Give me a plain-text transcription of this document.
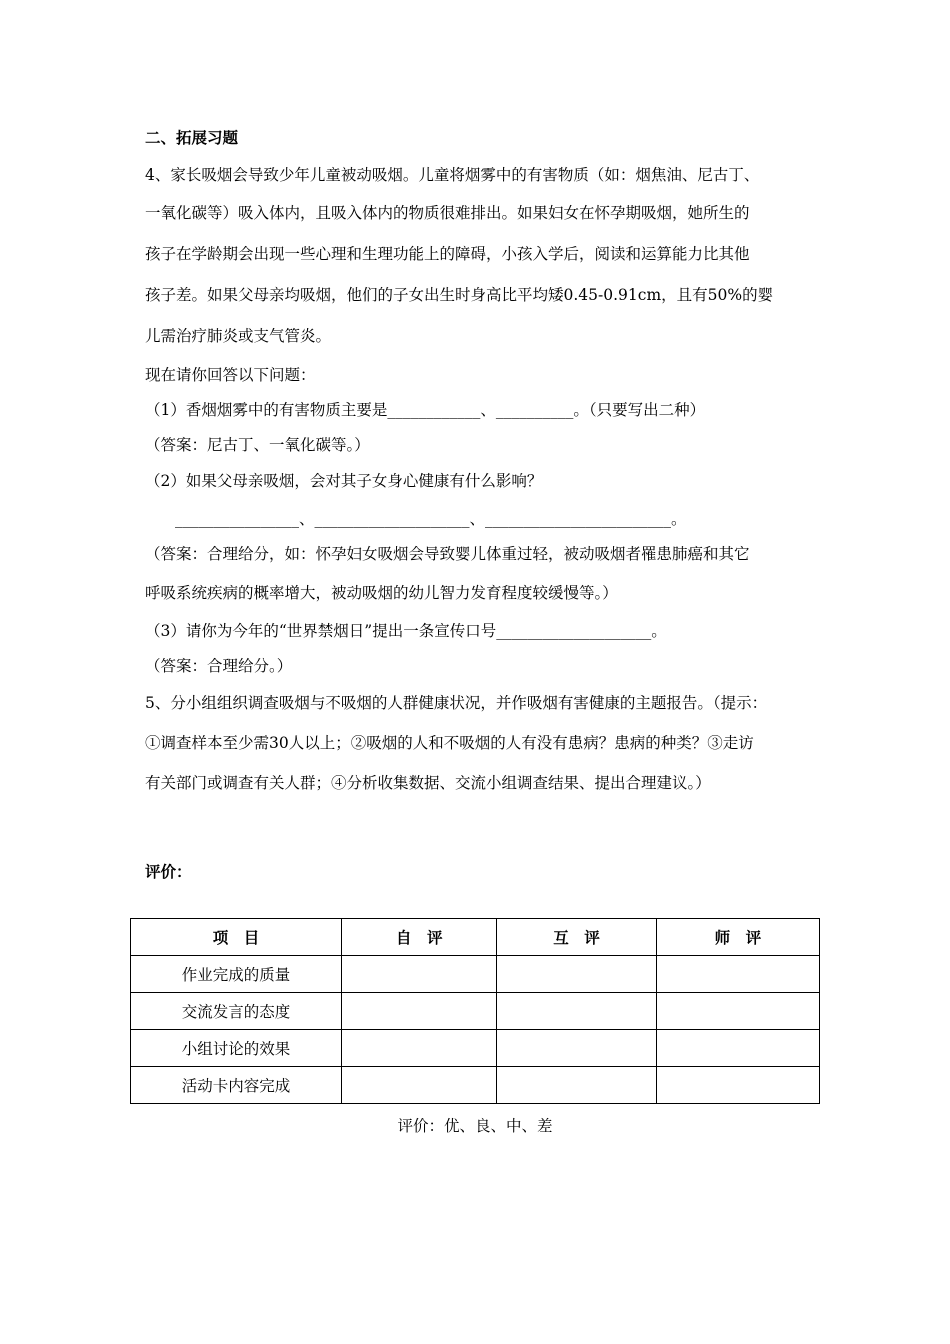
二、拓展习题
4、家长吸烟会导致少年儿童被动吸烟。儿童将烟雾中的有害物质（如：烟焦油、尼古丁、
一氧化碳等）吸入体内，且吸入体内的物质很难排出。如果妇女在怀孕期吸烟，她所生的
孩子在学龄期会出现一些心理和生理功能上的障碍，小孩入学后，阅读和运算能力比其他
孩子差。如果父母亲均吸烟，他们的子女出生时身高比平均矮0.45-0.91cm，且有50%的婴
儿需治疗肺炎或支气管炎。
现在请你回答以下问题：
（1）香烟烟雾中的有害物质主要是____________、__________。（只要写出二种）
（答案：尼古丁、一氧化碳等。）
（2）如果父母亲吸烟，会对其子女身心健康有什么影响？
________________、____________________、________________________。
（答案：合理给分，如：怀孕妇女吸烟会导致婴儿体重过轻，被动吸烟者罹患肺癌和其它
呼吸系统疾病的概率增大，被动吸烟的幼儿智力发育程度较缓慢等。）
（3）请你为今年的“世界禁烟日”提出一条宣传口号____________________。
（答案：合理给分。）
5、分小组组织调查吸烟与不吸烟的人群健康状况，并作吸烟有害健康的主题报告。（提示：
①调查样本至少需30人以上；②吸烟的人和不吸烟的人有没有患病？患病的种类？③走访
有关部门或调查有关人群；④分析收集数据、交流小组调查结果、提出合理建议。）
评价：
项　目	自　评	互　评	师　评
作业完成的质量			
交流发言的态度			
小组讨论的效果			
活动卡内容完成			
评价：优、良、中、差
